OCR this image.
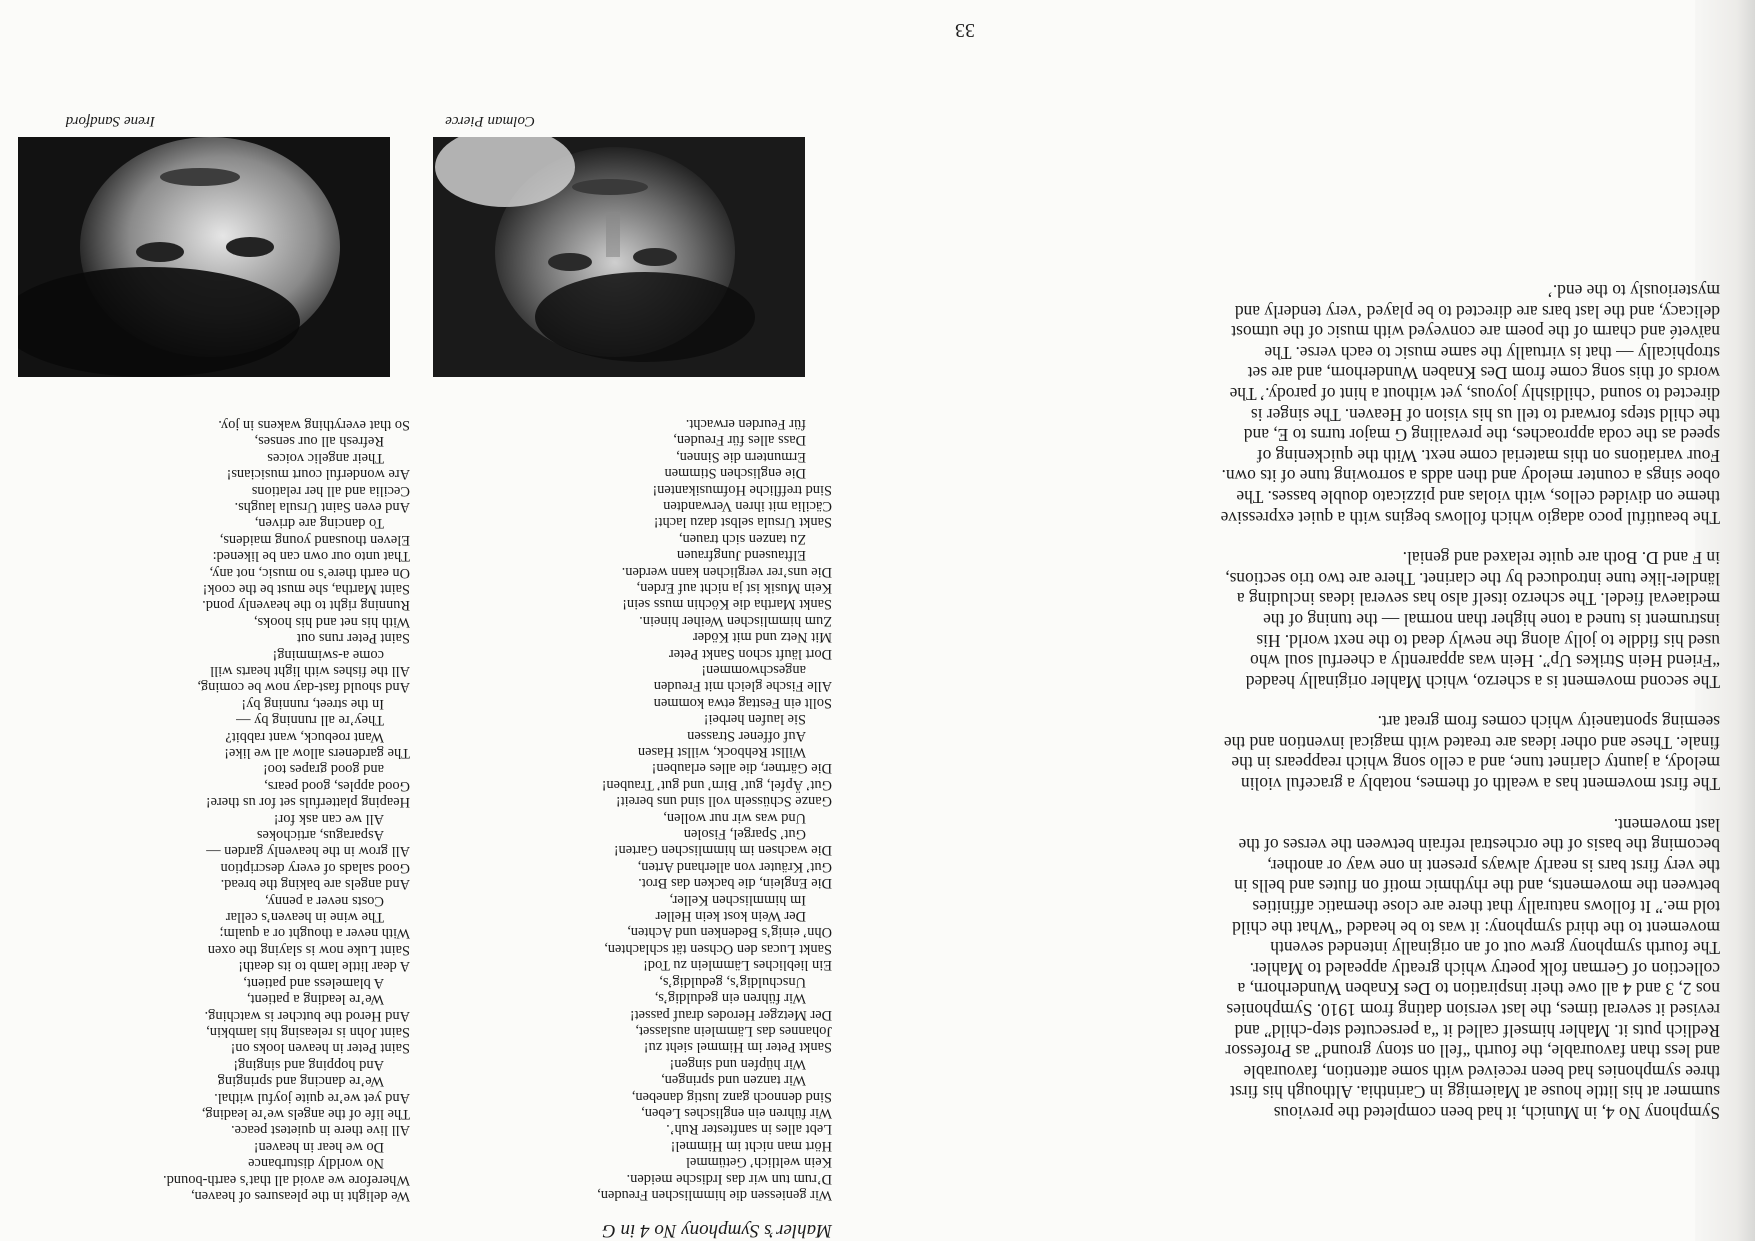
Symphony No 4, in Munich, it had been completed the previous summer at his little house at Maiernigg in Carinthia. Although his first three symphonies had been received with some attention, favourable and less than favourable, the fourth “fell on stony ground” as Professor Redlich puts it. Mahler himself called it “a persecuted step-child” and revised it several times, the last version dating from 1910. Symphonies nos 2, 3 and 4 all owe their inspiration to Des Knaben Wunderhorn, a collection of German folk poetry which greatly appealed to Mahler. The fourth symphony grew out of an originally intended seventh movement to the third symphony: it was to be headed “What the child told me.” It follows naturally that there are close thematic affinities between the movements, and the rhythmic motif on flutes and bells in the very first bars is nearly always present in one way or another, becoming the basis of the orchestral refrain between the verses of the last movement.

The first movement has a wealth of themes, notably a graceful violin melody, a jaunty clarinet tune, and a cello song which reappears in the finale. These and other ideas are treated with magical invention and the seeming spontaneity which comes from great art.

The second movement is a scherzo, which Mahler originally headed “Friend Hein Strikes Up”. Hein was apparently a cheerful soul who used his fiddle to jolly along the newly dead to the next world. His instrument is tuned a tone higher than normal — the tuning of the mediaeval fiedel. The scherzo itself also has several ideas including a ländler-like tune introduced by the clarinet. There are two trio sections, in F and D. Both are quite relaxed and genial.

The beautiful poco adagio which follows begins with a quiet expressive theme on divided cellos, with violas and pizzicato double basses. The oboe sings a counter melody and then adds a sorrowing tune of its own. Four variations on this material come next. With the quickening of speed as the coda approaches, the prevailing G major turns to E, and the child steps forward to tell us his vision of Heaven. The singer is directed to sound ‘childishly joyous, yet without a hint of parody.’ The words of this song come from Des Knaben Wunderhorn, and are set strophically — that is virtually the same music to each verse. The naïveté and charm of the poem are conveyed with music of the utmost delicacy, and the last bars are directed to be played ‘very tenderly and mysteriously to the end.’

Mahler’s Symphony No 4 in G
Wir geniessen die himmlischen Freuden,
D’rum tun wir das Irdische meiden.
Kein weltlich’ Getümmel
Hört man nicht im Himmel!
Lebt alles in sanftester Ruh’.
Wir führen ein englisches Leben,
Sind dennoch ganz lustig daneben,
Wir tanzen und springen,
Wir hüpfen und singen!
Sankt Peter im Himmel sieht zu!
Johannes das Lämmlein auslasset,
Der Metzger Herodes drauf passet!
Wir führen ein geduldig’s,
Unschuldig’s, geduldig’s,
Ein liebliches Lämmlein zu Tod!
Sankt Lucas den Ochsen tät schlachten,
Ohn’ einig’s Bedenken und Achten,
Der Wein kost kein Heller
Im himmlischen Keller,
Die Englein, die backen das Brot.
Gut’ Kräuter von allerhand Arten,
Die wachsen im himmlischen Garten!
Gut’ Spargel, Fisolen
Und was wir nur wollen,
Ganze Schüsseln voll sind uns bereit!
Gut’ Äpfel, gut’ Birn’ und gut’ Trauben!
Die Gärtner, die alles erlauben!
Willst Rehbock, willst Hasen
Auf offener Strassen
Sie laufen herbei!
Sollt ein Festtag etwa kommen
Alle Fische gleich mit Freuden
angeschwommen!
Dort läuft schon Sankt Peter
Mit Netz und mit Köder
Zum himmlischen Weiher hinein.
Sankt Martha die Köchin muss sein!
Kein Musik ist ja nicht auf Erden,
Die uns’rer verglichen kann werden.
Elftausend Jungfrauen
Zu tanzen sich trauen,
Sankt Ursula selbst dazu lacht!
Cäcilia mit ihren Verwandten
Sind treffliche Hofmusikanten!
Die englischen Stimmen
Ermuntern die Sinnen,
Dass alles für Freuden,
für Feurden erwacht.
We delight in the pleasures of heaven,
Wherefore we avoid all that’s earth-bound.
No worldly disturbance
Do we hear in heaven!
All live there in quietest peace.
The life of the angels we’re leading,
And yet we’re quite joyful withal.
We’re dancing and springing
And hopping and singing!
Saint Peter in heaven looks on!
Saint John is releasing his lambkin,
And Herod the butcher is watching.
We’re leading a patient,
A blameless and patient,
A dear little lamb to its death!
Saint Luke now is slaying the oxen
With never a thought or a qualm;
The wine in heaven’s cellar
Costs never a penny,
And angels are baking the bread.
Good salads of every description
All grow in the heavenly garden —
Asparagus, artichokes
All we can ask for!
Heaping platterfuls set for us there!
Good apples, good pears,
and good grapes too!
The gardeners allow all we like!
Want roebuck, want rabbit?
They’re all running by —
In the street, running by!
And should fast-day now be coming,
All the fishes with light hearts will
come a-swimming!
Saint Peter runs out
With his net and his hooks,
Running right to the heavenly pond.
Saint Martha, she must be the cook!
On earth there’s no music, not any,
That unto our own can be likened:
Eleven thousand young maidens,
To dancing are driven,
And even Saint Ursula laughs.
Cecilia and all her relations
Are wonderful court musicians!
Their angelic voices
Refresh all our senses,
So that everything wakens in joy.
Colman Pierce
Irene Sandford
33
